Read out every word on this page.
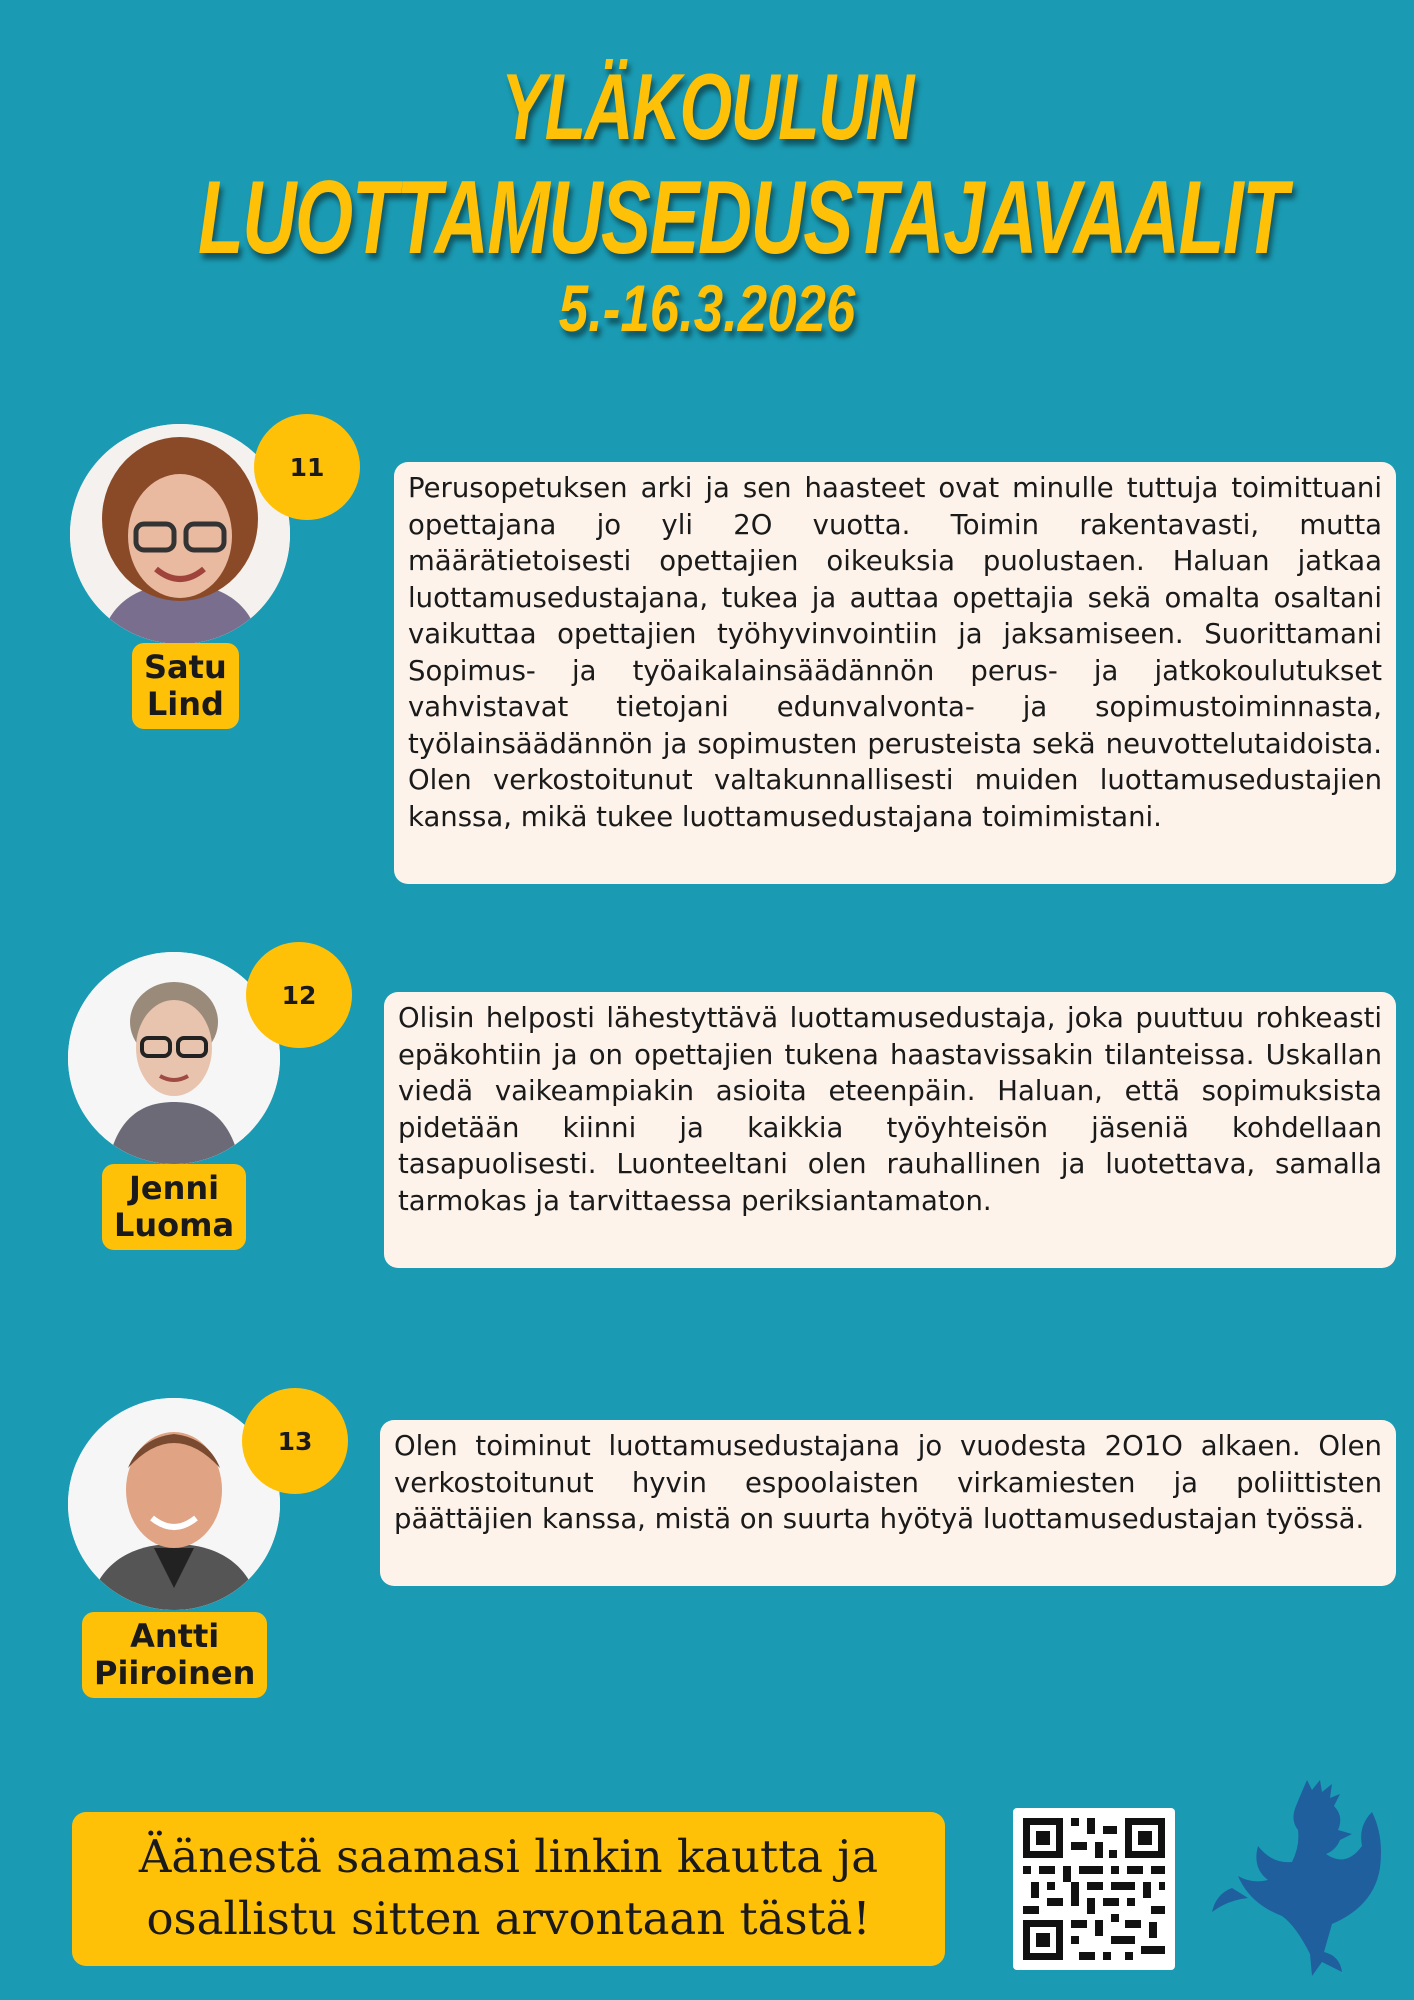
YLÄKOULUN
LUOTTAMUSEDUSTAJAVAALIT
5.-16.3.2026
11
Satu
Lind
Perusopetuksen arki ja sen haasteet ovat minulle tuttuja toimittuani opettajana jo yli 2O vuotta. Toimin rakentavasti, mutta määrätietoisesti opettajien oikeuksia puolustaen. Haluan jatkaa luottamusedustajana, tukea ja auttaa opettajia sekä omalta osaltani vaikuttaa opettajien työhyvinvointiin ja jaksamiseen. Suorittamani Sopimus- ja työaikalainsäädännön perus- ja jatkokoulutukset vahvistavat tietojani edunvalvonta- ja sopimustoiminnasta, työlainsäädännön ja sopimusten perusteista sekä neuvottelutaidoista. Olen verkostoitunut valtakunnallisesti muiden luottamusedustajien kanssa, mikä tukee luottamusedustajana toimimistani.
12
Jenni
Luoma
Olisin helposti lähestyttävä luottamusedustaja, joka puuttuu rohkeasti epäkohtiin ja on opettajien tukena haastavissakin tilanteissa. Uskallan viedä vaikeampiakin asioita eteenpäin. Haluan, että sopimuksista pidetään kiinni ja kaikkia työyhteisön jäseniä kohdellaan tasapuolisesti. Luonteeltani olen rauhallinen ja luotettava, samalla tarmokas ja tarvittaessa periksiantamaton.
13
Antti
Piiroinen
Olen toiminut luottamusedustajana jo vuodesta 2O1O alkaen. Olen verkostoitunut hyvin espoolaisten virkamiesten ja poliittisten päättäjien kanssa, mistä on suurta hyötyä luottamusedustajan työssä.
Äänestä saamasi linkin kautta ja
osallistu sitten arvontaan tästä!
